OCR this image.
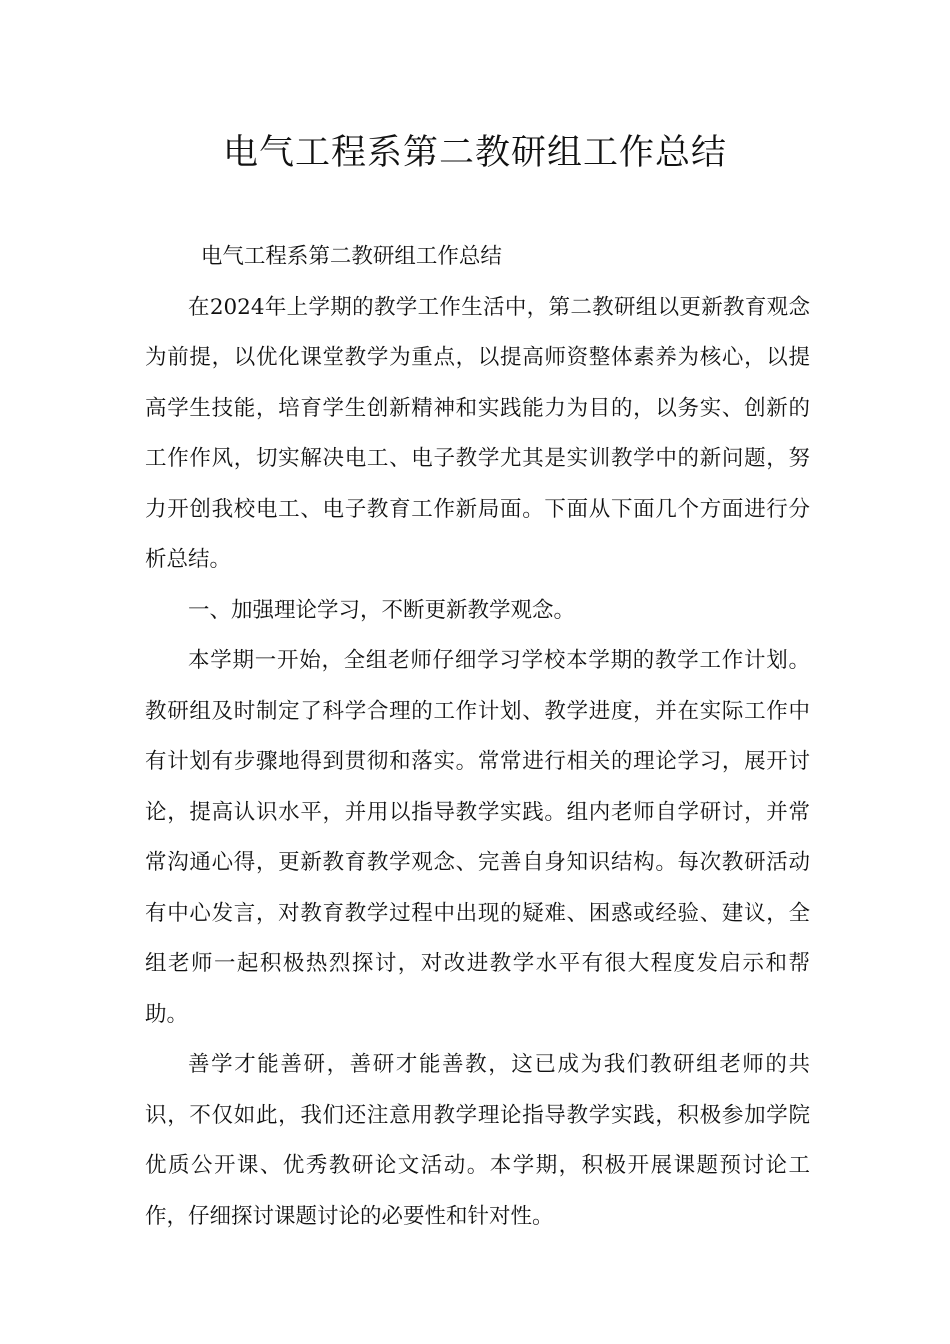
电气工程系第二教研组工作总结

电气工程系第二教研组工作总结

在2024年上学期的教学工作生活中，第二教研组以更新教育观念为前提，以优化课堂教学为重点，以提高师资整体素养为核心，以提高学生技能，培育学生创新精神和实践能力为目的，以务实、创新的工作作风，切实解决电工、电子教学尤其是实训教学中的新问题，努力开创我校电工、电子教育工作新局面。下面从下面几个方面进行分析总结。

一、加强理论学习，不断更新教学观念。

本学期一开始，全组老师仔细学习学校本学期的教学工作计划。教研组及时制定了科学合理的工作计划、教学进度，并在实际工作中有计划有步骤地得到贯彻和落实。常常进行相关的理论学习，展开讨论，提高认识水平，并用以指导教学实践。组内老师自学研讨，并常常沟通心得，更新教育教学观念、完善自身知识结构。每次教研活动有中心发言，对教育教学过程中出现的疑难、困惑或经验、建议，全组老师一起积极热烈探讨，对改进教学水平有很大程度发启示和帮助。

善学才能善研，善研才能善教，这已成为我们教研组老师的共识，不仅如此，我们还注意用教学理论指导教学实践，积极参加学院优质公开课、优秀教研论文活动。本学期，积极开展课题预讨论工作，仔细探讨课题讨论的必要性和针对性。
